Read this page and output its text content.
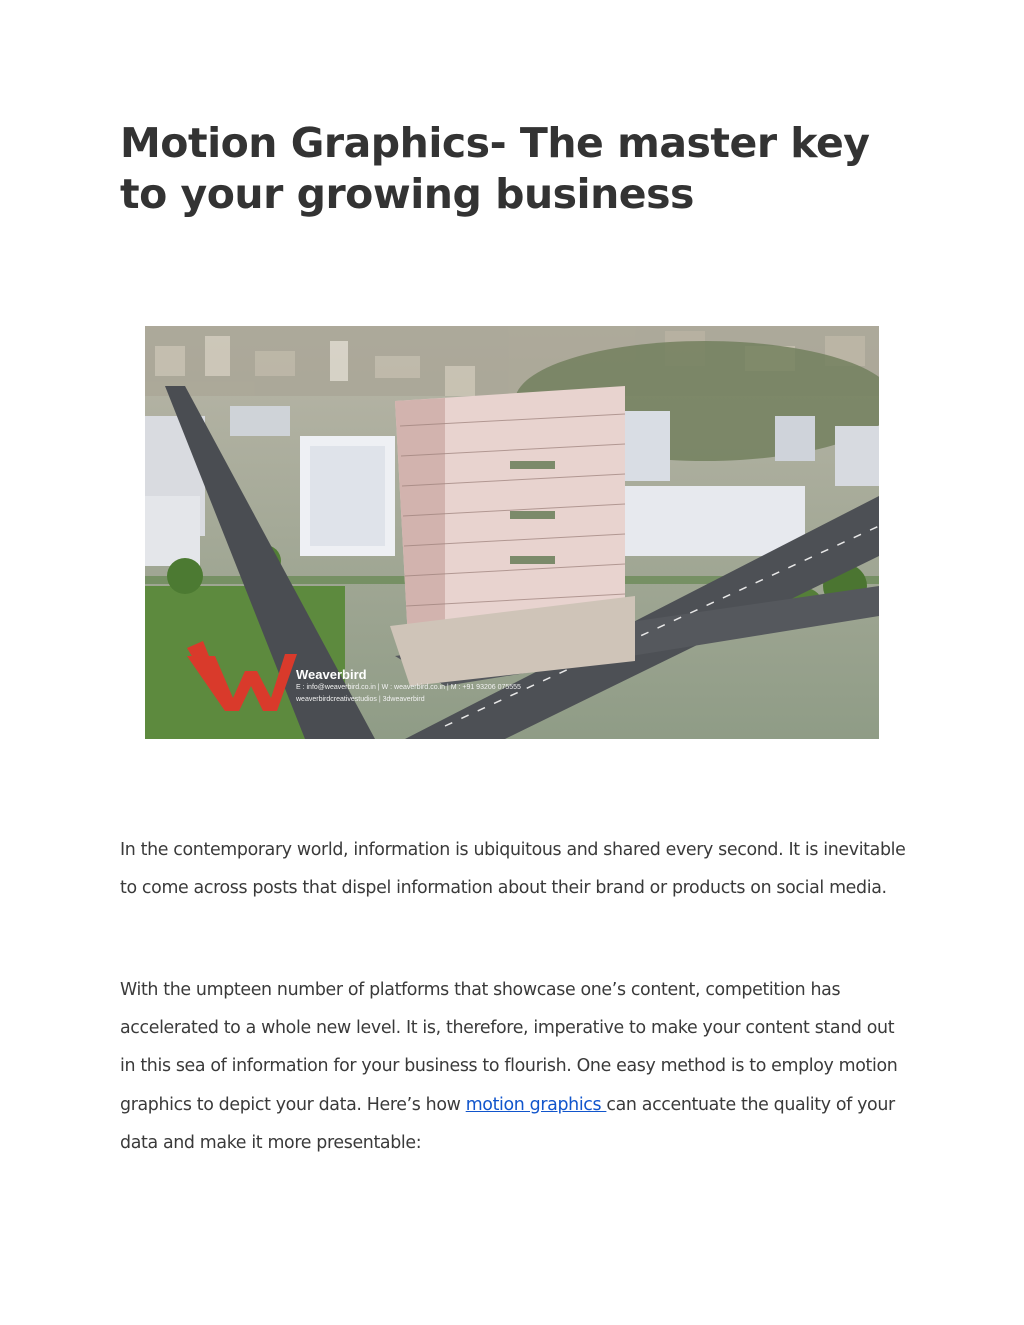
Motion Graphics- The master key to your growing business
Weaverbird
E : info@weaverbird.co.in | W : weaverbird.co.in | M : +91 93206 075555
weaverbirdcreativestudios | 3dweaverbird

In the contemporary world, information is ubiquitous and shared every second. It is inevitable to come across posts that dispel information about their brand or products on social media.

With the umpteen number of platforms that showcase one’s content, competition has accelerated to a whole new level. It is, therefore, imperative to make your content stand out in this sea of information for your business to flourish. One easy method is to employ motion graphics to depict your data. Here’s how motion graphics can accentuate the quality of your data and make it more presentable:
